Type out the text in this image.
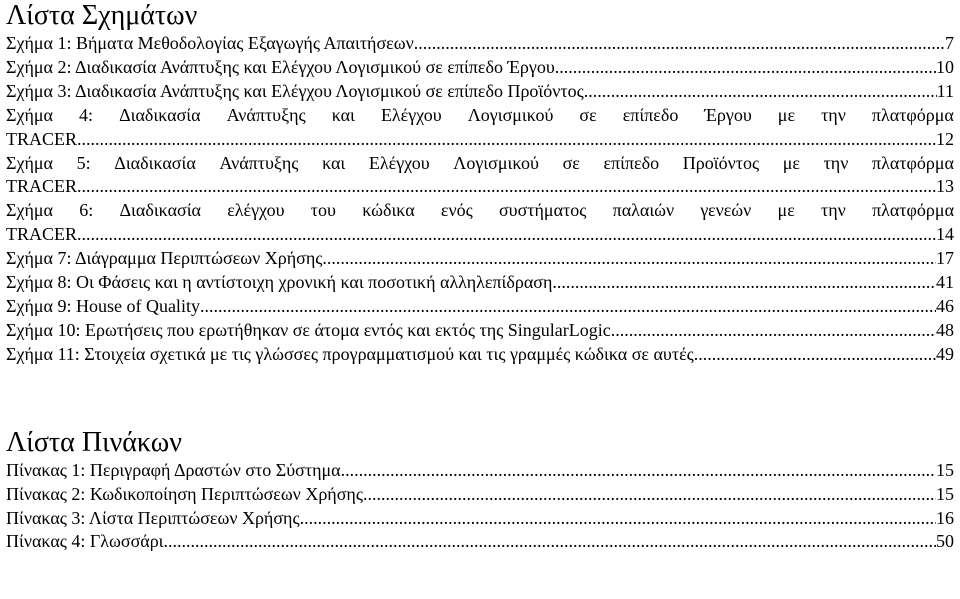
Λίστα Σχημάτων
Σχήμα 1: Βήματα Μεθοδολογίας Εξαγωγής Απαιτήσεων .....	7
Σχήμα 2: Διαδικασία Ανάπτυξης και Ελέγχου Λογισμικού σε επίπεδο Έργου .....	10
Σχήμα 3: Διαδικασία Ανάπτυξης και Ελέγχου Λογισμικού σε επίπεδο Προϊόντος .....	11
Σχήμα 4: Διαδικασία Ανάπτυξης και Ελέγχου Λογισμικού σε επίπεδο Έργου με την πλατφόρμα
TRACER .....	12
Σχήμα 5: Διαδικασία Ανάπτυξης και Ελέγχου Λογισμικού σε επίπεδο Προϊόντος με την πλατφόρμα
TRACER .....	13
Σχήμα 6: Διαδικασία ελέγχου του κώδικα ενός συστήματος παλαιών γενεών με την πλατφόρμα
TRACER .....	14
Σχήμα 7: Διάγραμμα Περιπτώσεων Χρήσης .....	17
Σχήμα 8: Οι Φάσεις και η αντίστοιχη χρονική και ποσοτική αλληλεπίδραση .....	41
Σχήμα 9: House of Quality .....	46
Σχήμα 10: Ερωτήσεις που ερωτήθηκαν σε άτομα εντός και εκτός της SingularLogic .....	48
Σχήμα 11: Στοιχεία σχετικά με τις γλώσσες προγραμματισμού και τις γραμμές κώδικα σε αυτές .....	49
Λίστα Πινάκων
Πίνακας 1: Περιγραφή Δραστών στο Σύστημα .....	15
Πίνακας 2: Κωδικοποίηση Περιπτώσεων Χρήσης .....	15
Πίνακας 3: Λίστα Περιπτώσεων Χρήσης .....	16
Πίνακας 4: Γλωσσάρι .....	50
